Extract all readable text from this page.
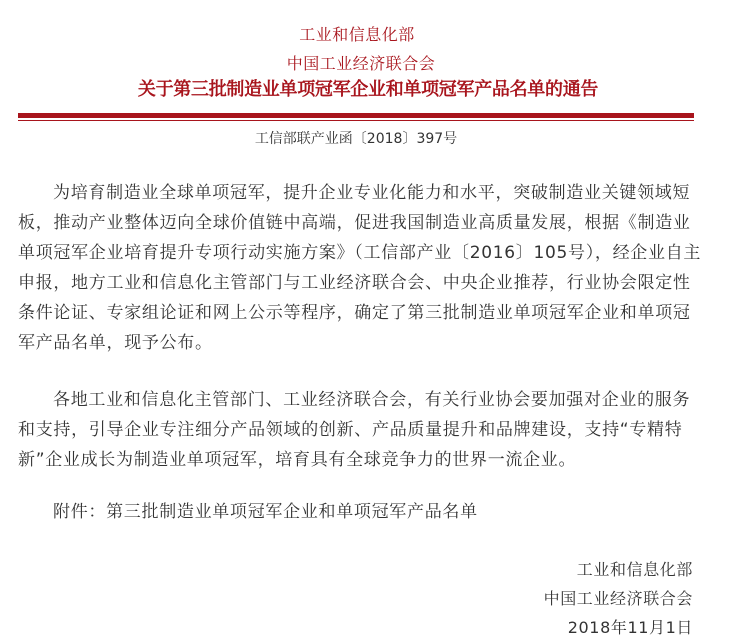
工业和信息化部
中国工业经济联合会
关于第三批制造业单项冠军企业和单项冠军产品名单的通告
工信部联产业函〔2018〕397号
为培育制造业全球单项冠军，提升企业专业化能力和水平，突破制造业关键领域短
板，推动产业整体迈向全球价值链中高端，促进我国制造业高质量发展，根据《制造业
单项冠军企业培育提升专项行动实施方案》（工信部产业〔2016〕105号），经企业自主
申报，地方工业和信息化主管部门与工业经济联合会、中央企业推荐，行业协会限定性
条件论证、专家组论证和网上公示等程序，确定了第三批制造业单项冠军企业和单项冠
军产品名单，现予公布。
各地工业和信息化主管部门、工业经济联合会，有关行业协会要加强对企业的服务
和支持，引导企业专注细分产品领域的创新、产品质量提升和品牌建设，支持“专精特
新”企业成长为制造业单项冠军，培育具有全球竞争力的世界一流企业。
附件：第三批制造业单项冠军企业和单项冠军产品名单
工业和信息化部
中国工业经济联合会
2018年11月1日
